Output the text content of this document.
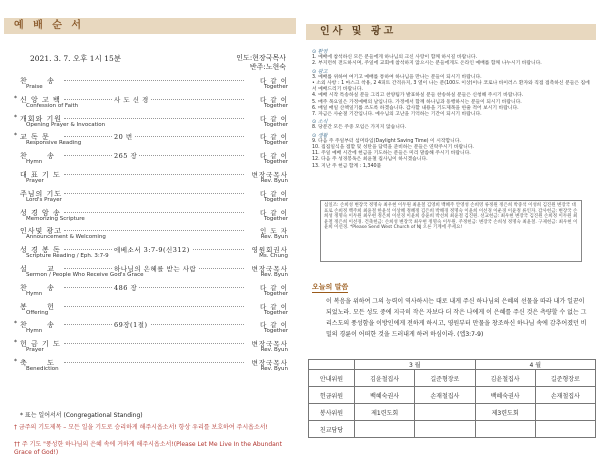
예 배 순 서
2021. 3. 7. 오후 1시 15분	인도:현장국목사
반주:노현숙
찬	송	다 같 이
Praise	Together
* 신 앙 고 백	사 도 신 경	다 같 이
Confession of Faith	Together
* 개회와 기원	다 같 이
Opening Prayer & Invocation	Together
* 교 독 문	20 번	다 같 이
Responsive Reading	Together
찬	송	265 장	다 같 이
Hymn	Together
대 표 기 도	변장국목사
Prayer	Rev. Byun
주님의 기도	다 같 이
Lord's Prayer	Together
성 경 암 송	다 같 이
Memorizing Scripture	Together
인사및 광고	인 도 자
Announcement & Welcoming	Rev. Byun
성 경 봉 독	에베소서 3:7-9(신312)	영원회권사
Scripture Reading / Eph. 3:7-9	Ms. Chung
설	교	하나님의 은혜를 받는 사람	변장국목사
Sermon / People Who Receive God's Grace	Rev. Byun
찬	송	486 장	다 같 이
Hymn	Together
봉	헌	다 같 이
Offering	Together
* 찬	송	69장(1절)	다 같 이
Hymn	Together
* 헌 금 기 도	변장국목사
Prayer	Rev. Byun
* 축	도	변장국목사
Benediction	Rev. Byun
* 표는 일어서서 (Congregational Standing)
† 금주의 기도제목 – 모든 일을 기도로 승리하게 해주시옵소서! 항상 우리를 보호하여 주시옵소서!
†† 주 기도 "풍성한 하나님의 은혜 속에 거하게 해주시옵소서!(Please Let Me Live In the Abundant Grace of God!)
인사 및 광고
⊙ 환영
1. 예배에 참석하신 모든 분들에게 하나님의 크신 사랑이 함께 하시길 바랍니다.
2. 부지런히 전도하시며, 주일에 교회에 참석하지 않으시는 분들에게도 온라인 예배를 함께 나누시기 바랍니다.
⊙ 광고
3. 예배를 위하여 여기고 예배를 통하여 하나님을 만나는 분들이 되시기 바랍니다.
• 소외 사항 : 1 마스크 착용, 2 4피트 간격유지, 3 열이 나는 분(100도 이상)이나 코로나 바이러스 환자와 직접 접촉하신 분들은 집에서 예배드리기 바랍니다.
4. 예배 시작 특송하실 분들 그리고 찬양팀가 발표하실 분들 찬송하실 분들은 신청해 주시기 바랍니다.
5. 매주 목요일은 가정예배의 날입니다. 가정에서 함께 하나님과 동행하시는 분들이 되시기 바랍니다.
6. 매일 매일 산책일기를 쓰도록 하겠습니다. 감사할 내용을 기도제목을 한줄 적어 보시기 바랍니다.
7. 자금은 사순절 기간입니다. 예수님의 고난을 기억하는 기간이 되시기 바랍니다.
⊙ 소식
8. 당분간 모든 주중 모임은 가지지 않습니다.
⊙ 생활
9. 다음 주 주일부터 섬머타임(Daylight Saving Time) 이 시작합니다.
10. 집집일식을 접할 및 성탄을 담력을 준비하는 분들은 연락주시기 바랍니다.
11. 주일 예배 시간에 헌금을 기도하는 분들은 미리 말씀해 주시기 바랍니다.
12. 다음 주 성경봉독은 최윤철 집사님이 하시겠습니다.
13. 지난 주 헌금 합계 : 1,340불
십일조: 손희성 변장국 정명숙 최우현 이두원 최윤철 김영희 백혜주 안영성 손희영 류정원 정은희 박중석 이성희 김진원 변장국 대표로 손희정 백주희 최윤철 한윤석 이상혜 정혜정 김은희 박해경 정명숙 이윤희 이선경 이운경 이윤정 류인자. 감사헌금: 변장국 손희성 정명숙 이두원 최우현 정은희 이선경 이윤희 송윤희 박선희 최윤철 김진원. 선교헌금: 최우현 변장국 김진원 손희정 이두원 최윤철 정은희 이선경. 건축헌금: 손희성 변장국 최우현 정명숙 이두원. 주정헌금: 변장국 손희성 정명숙 최윤철. 구제헌금: 최우현 이윤희 이선경. *Please Send West Church of NJ 오른 기계에 주세요!
오늘의 말씀
이 복음을 위하여 그의 능력이 역사하시는 대로 내게 주신 하나님의 은혜의 선물을 따라 내가 일꾼이 되었노라. 모든 성도 중에 지극히 작은 자보다 더 작은 나에게 이 은혜를 주신 것은 측량할 수 없는 그리스도의 풍성함을 이방인에게 전하게 하시고, 영원부터 만물을 창조하신 하나님 속에 감추어졌던 비밀의 경륜이 어떠한 것을 드러내게 하려 하심이라. (엡3:7-9)
	3 월		4 월	
안내위원	김윤철집사	길준형장로	김윤철집사	길준형장로
헌금위원	백혜숙권사	손재철집사	백혜숙권사	손재철집사
봉사위원	제1련도회		제3련도회	
친교담당				
